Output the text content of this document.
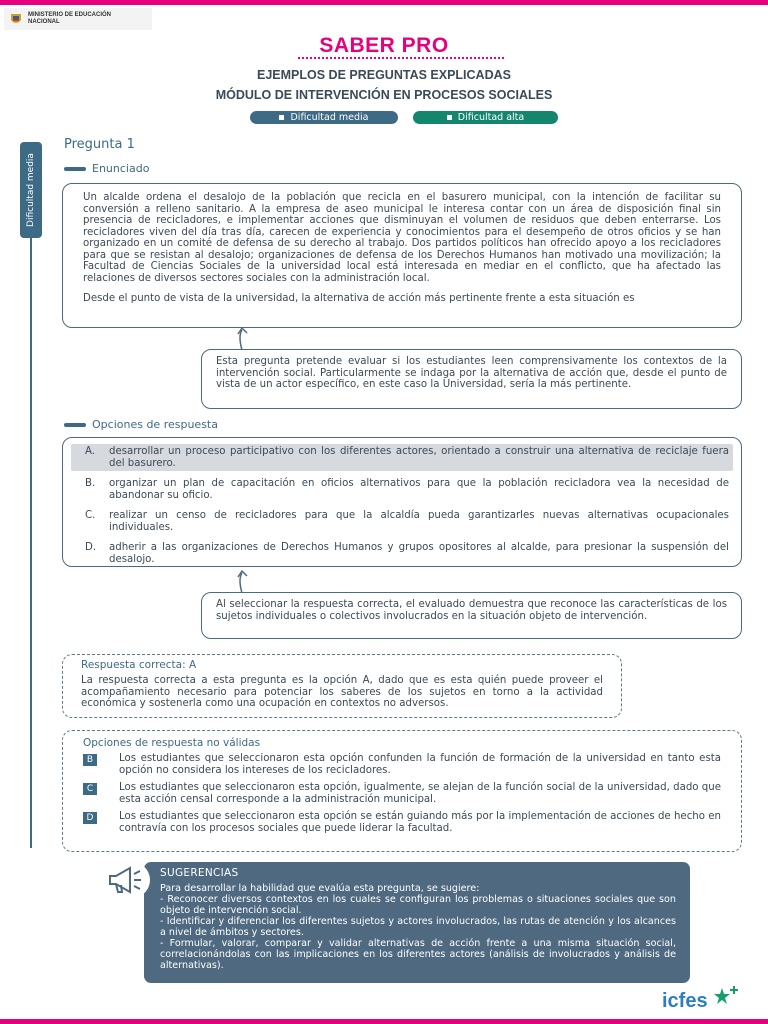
MINISTERIO DE EDUCACIÓN NACIONAL
SABER PRO
EJEMPLOS DE PREGUNTAS EXPLICADAS
MÓDULO DE INTERVENCIÓN EN PROCESOS SOCIALES
Dificultad media	Dificultad alta
Dificultad media
Pregunta 1
Enunciado

Un alcalde ordena el desalojo de la población que recicla en el basurero municipal, con la intención de facilitar su conversión a relleno sanitario. A la empresa de aseo municipal le interesa contar con un área de disposición final sin presencia de recicladores, e implementar acciones que disminuyan el volumen de residuos que deben enterrarse. Los recicladores viven del día tras día, carecen de experiencia y conocimientos para el desempeño de otros oficios y se han organizado en un comité de defensa de su derecho al trabajo. Dos partidos políticos han ofrecido apoyo a los recicladores para que se resistan al desalojo; organizaciones de defensa de los Derechos Humanos han motivado una movilización; la Facultad de Ciencias Sociales de la universidad local está interesada en mediar en el conflicto, que ha afectado las relaciones de diversos sectores sociales con la administración local.

Desde el punto de vista de la universidad, la alternativa de acción más pertinente frente a esta situación es

Esta pregunta pretende evaluar si los estudiantes leen comprensivamente los contextos de la intervención social. Particularmente se indaga por la alternativa de acción que, desde el punto de vista de un actor específico, en este caso la Universidad, sería la más pertinente.

Opciones de respuesta
A.	desarrollar un proceso participativo con los diferentes actores, orientado a construir una alternativa de reciclaje fuera del basurero.
B.	organizar un plan de capacitación en oficios alternativos para que la población recicladora vea la necesidad de abandonar su oficio.
C.	realizar un censo de recicladores para que la alcaldía pueda garantizarles nuevas alternativas ocupacionales individuales.
D.	adherir a las organizaciones de Derechos Humanos y grupos opositores al alcalde, para presionar la suspensión del desalojo.

Al seleccionar la respuesta correcta, el evaluado demuestra que reconoce las características de los sujetos individuales o colectivos involucrados en la situación objeto de intervención.

Respuesta correcta: A

La respuesta correcta a esta pregunta es la opción A, dado que es esta quién puede proveer el acompañamiento necesario para potenciar los saberes de los sujetos en torno a la actividad económica y sostenerla como una ocupación en contextos no adversos.

Opciones de respuesta no válidas
B	Los estudiantes que seleccionaron esta opción confunden la función de formación de la universidad en tanto esta opción no considera los intereses de los recicladores.
C	Los estudiantes que seleccionaron esta opción, igualmente, se alejan de la función social de la universidad, dado que esta acción censal corresponde a la administración municipal.
D	Los estudiantes que seleccionaron esta opción se están guiando más por la implementación de acciones de hecho en contravía con los procesos sociales que puede liderar la facultad.
SUGERENCIAS

Para desarrollar la habilidad que evalúa esta pregunta, se sugiere:

- Reconocer diversos contextos en los cuales se configuran los problemas o situaciones sociales que son objeto de intervención social.

- Identificar y diferenciar los diferentes sujetos y actores involucrados, las rutas de atención y los alcances a nivel de ámbitos y sectores.

- Formular, valorar, comparar y validar alternativas de acción frente a una misma situación social, correlacionándolas con las implicaciones en los diferentes actores (análisis de involucrados y análisis de alternativas).

icfes
